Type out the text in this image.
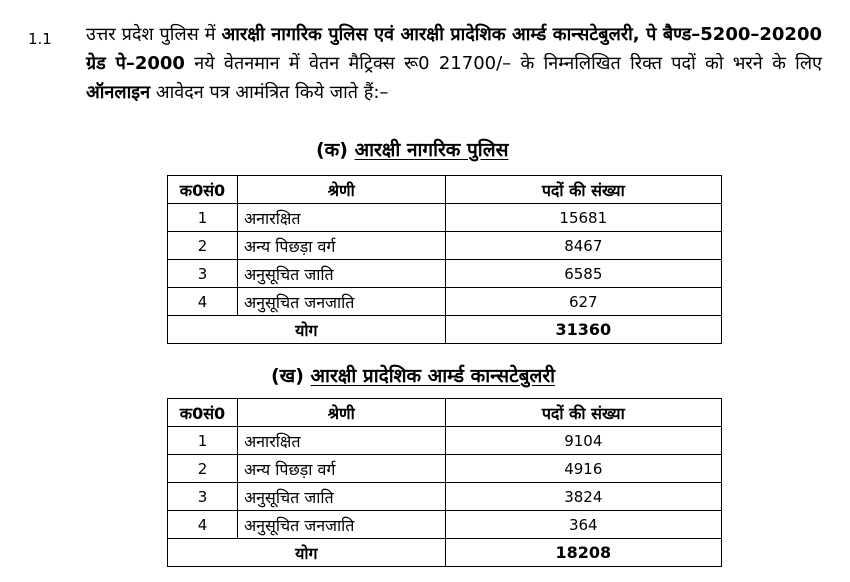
1.1 उत्तर प्रदेश पुलिस में आरक्षी नागरिक पुलिस एवं आरक्षी प्रादेशिक आर्म्ड कान्सटेबुलरी, पे बैण्ड–5200–20200 ग्रेड पे–2000 नये वेतनमान में वेतन मैट्रिक्स रू0 21700/– के निम्नलिखित रिक्त पदों को भरने के लिए ऑनलाइन आवेदन पत्र आमंत्रित किये जाते हैं:–
(क) आरक्षी नागरिक पुलिस
क0सं0	श्रेणी	पदों की संख्या
1	अनारक्षित	15681
2	अन्य पिछड़ा वर्ग	8467
3	अनुसूचित जाति	6585
4	अनुसूचित जनजाति	627
योग		31360
(ख) आरक्षी प्रादेशिक आर्म्ड कान्सटेबुलरी
क0सं0	श्रेणी	पदों की संख्या
1	अनारक्षित	9104
2	अन्य पिछड़ा वर्ग	4916
3	अनुसूचित जाति	3824
4	अनुसूचित जनजाति	364
योग		18208
